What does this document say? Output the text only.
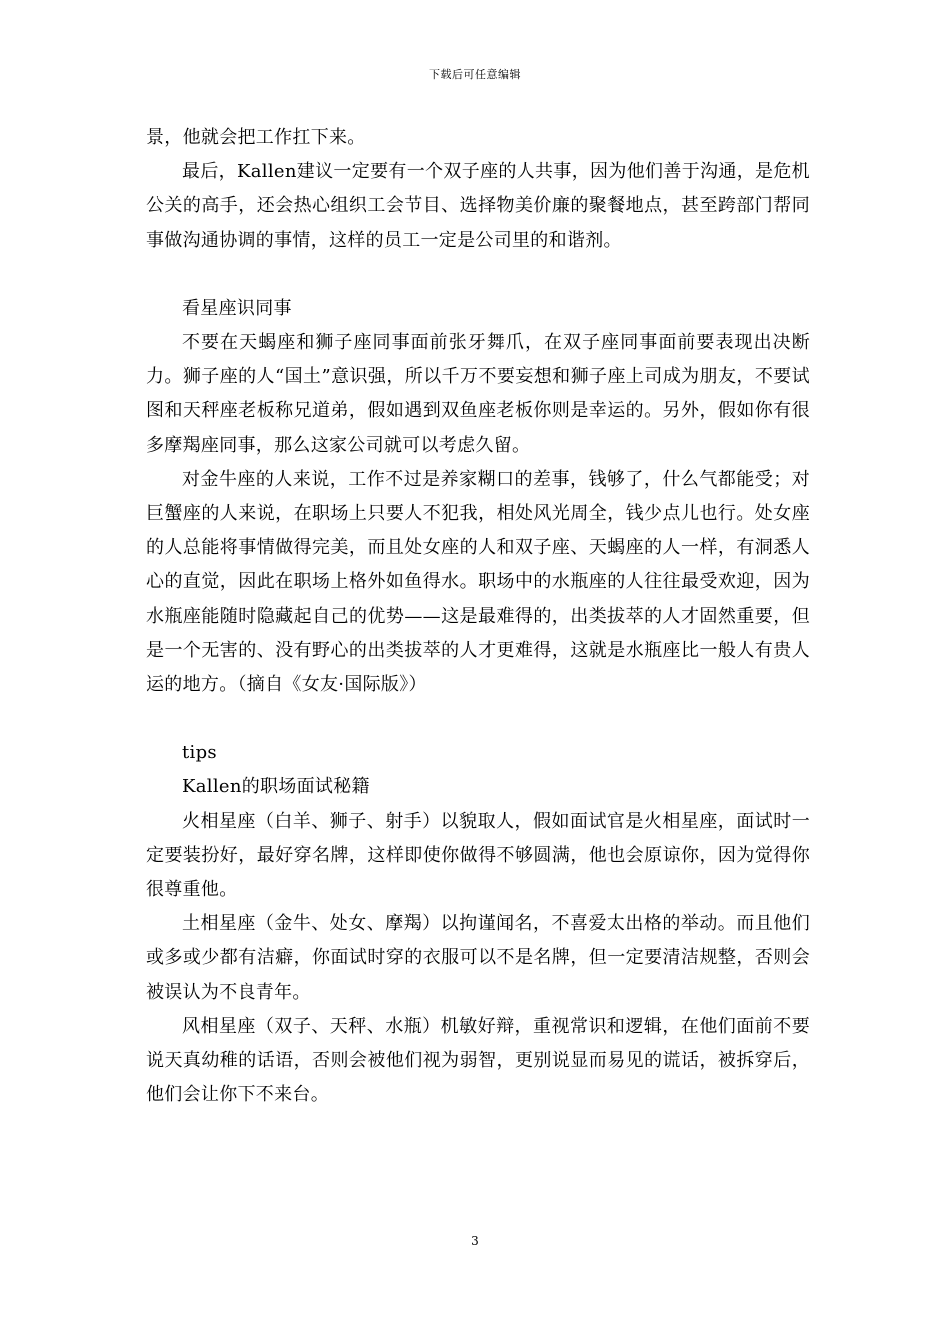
下载后可任意编辑

景，他就会把工作扛下来。

最后，Kallen建议一定要有一个双子座的人共事，因为他们善于沟通，是危机公关的高手，还会热心组织工会节目、选择物美价廉的聚餐地点，甚至跨部门帮同事做沟通协调的事情，这样的员工一定是公司里的和谐剂。

看星座识同事

不要在天蝎座和狮子座同事面前张牙舞爪，在双子座同事面前要表现出决断力。狮子座的人“国土”意识强，所以千万不要妄想和狮子座上司成为朋友，不要试图和天秤座老板称兄道弟，假如遇到双鱼座老板你则是幸运的。另外，假如你有很多摩羯座同事，那么这家公司就可以考虑久留。

对金牛座的人来说，工作不过是养家糊口的差事，钱够了，什么气都能受；对巨蟹座的人来说，在职场上只要人不犯我，相处风光周全，钱少点儿也行。处女座的人总能将事情做得完美，而且处女座的人和双子座、天蝎座的人一样，有洞悉人心的直觉，因此在职场上格外如鱼得水。职场中的水瓶座的人往往最受欢迎，因为水瓶座能随时隐藏起自己的优势——这是最难得的，出类拔萃的人才固然重要，但是一个无害的、没有野心的出类拔萃的人才更难得，这就是水瓶座比一般人有贵人运的地方。（摘自《女友·国际版》）

tips

Kallen的职场面试秘籍

火相星座（白羊、狮子、射手）以貌取人，假如面试官是火相星座，面试时一定要装扮好，最好穿名牌，这样即使你做得不够圆满，他也会原谅你，因为觉得你很尊重他。

土相星座（金牛、处女、摩羯）以拘谨闻名，不喜爱太出格的举动。而且他们或多或少都有洁癖，你面试时穿的衣服可以不是名牌，但一定要清洁规整，否则会被误认为不良青年。

风相星座（双子、天秤、水瓶）机敏好辩，重视常识和逻辑，在他们面前不要说天真幼稚的话语，否则会被他们视为弱智，更别说显而易见的谎话，被拆穿后，他们会让你下不来台。

3
